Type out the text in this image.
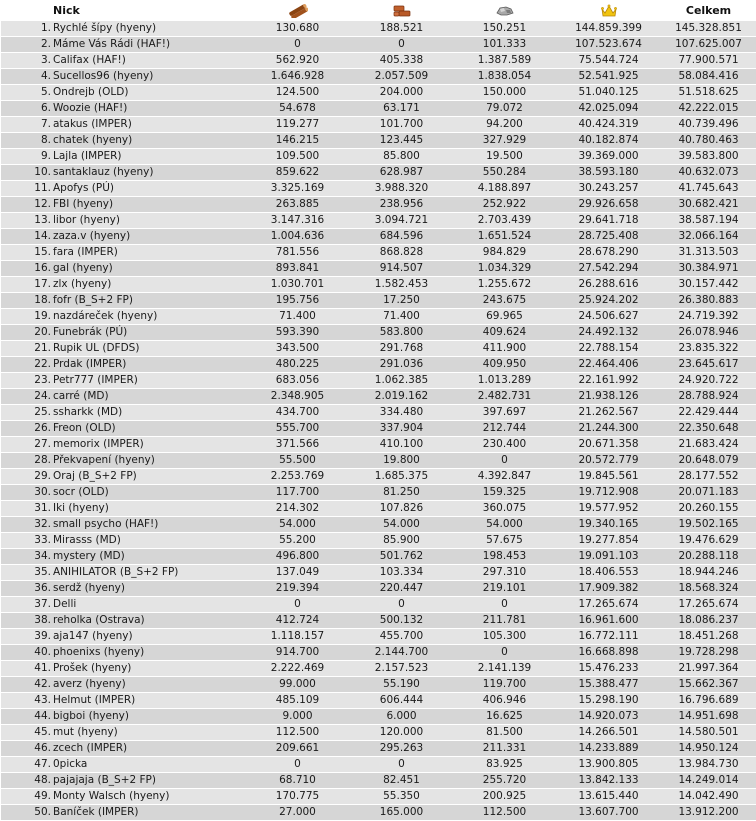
Nick						Celkem
1.	Rychlé šípy (hyeny)	130.680	188.521	150.251	144.859.399	145.328.851
2.	Máme Vás Rádi (HAF!)	0	0	101.333	107.523.674	107.625.007
3.	Califax (HAF!)	562.920	405.338	1.387.589	75.544.724	77.900.571
4.	Sucellos96 (hyeny)	1.646.928	2.057.509	1.838.054	52.541.925	58.084.416
5.	Ondrejb (OLD)	124.500	204.000	150.000	51.040.125	51.518.625
6.	Woozie (HAF!)	54.678	63.171	79.072	42.025.094	42.222.015
7.	atakus (IMPER)	119.277	101.700	94.200	40.424.319	40.739.496
8.	chatek (hyeny)	146.215	123.445	327.929	40.182.874	40.780.463
9.	Lajla (IMPER)	109.500	85.800	19.500	39.369.000	39.583.800
10.	santaklauz (hyeny)	859.622	628.987	550.284	38.593.180	40.632.073
11.	Apofys (PÚ)	3.325.169	3.988.320	4.188.897	30.243.257	41.745.643
12.	FBI (hyeny)	263.885	238.956	252.922	29.926.658	30.682.421
13.	libor (hyeny)	3.147.316	3.094.721	2.703.439	29.641.718	38.587.194
14.	zaza.v (hyeny)	1.004.636	684.596	1.651.524	28.725.408	32.066.164
15.	fara (IMPER)	781.556	868.828	984.829	28.678.290	31.313.503
16.	gal (hyeny)	893.841	914.507	1.034.329	27.542.294	30.384.971
17.	zlx (hyeny)	1.030.701	1.582.453	1.255.672	26.288.616	30.157.442
18.	fofr (B_S+2 FP)	195.756	17.250	243.675	25.924.202	26.380.883
19.	nazdáreček (hyeny)	71.400	71.400	69.965	24.506.627	24.719.392
20.	Funebrák (PÚ)	593.390	583.800	409.624	24.492.132	26.078.946
21.	Rupik UL (DFDS)	343.500	291.768	411.900	22.788.154	23.835.322
22.	Prdak (IMPER)	480.225	291.036	409.950	22.464.406	23.645.617
23.	Petr777 (IMPER)	683.056	1.062.385	1.013.289	22.161.992	24.920.722
24.	carré (MD)	2.348.905	2.019.162	2.482.731	21.938.126	28.788.924
25.	ssharkk (MD)	434.700	334.480	397.697	21.262.567	22.429.444
26.	Freon (OLD)	555.700	337.904	212.744	21.244.300	22.350.648
27.	memorix (IMPER)	371.566	410.100	230.400	20.671.358	21.683.424
28.	Překvapení (hyeny)	55.500	19.800	0	20.572.779	20.648.079
29.	Oraj (B_S+2 FP)	2.253.769	1.685.375	4.392.847	19.845.561	28.177.552
30.	socr (OLD)	117.700	81.250	159.325	19.712.908	20.071.183
31.	Iki (hyeny)	214.302	107.826	360.075	19.577.952	20.260.155
32.	small psycho (HAF!)	54.000	54.000	54.000	19.340.165	19.502.165
33.	Mirasss (MD)	55.200	85.900	57.675	19.277.854	19.476.629
34.	mystery (MD)	496.800	501.762	198.453	19.091.103	20.288.118
35.	ANIHILATOR (B_S+2 FP)	137.049	103.334	297.310	18.406.553	18.944.246
36.	serdž (hyeny)	219.394	220.447	219.101	17.909.382	18.568.324
37.	Delli	0	0	0	17.265.674	17.265.674
38.	reholka (Ostrava)	412.724	500.132	211.781	16.961.600	18.086.237
39.	aja147 (hyeny)	1.118.157	455.700	105.300	16.772.111	18.451.268
40.	phoenixs (hyeny)	914.700	2.144.700	0	16.668.898	19.728.298
41.	Prošek (hyeny)	2.222.469	2.157.523	2.141.139	15.476.233	21.997.364
42.	averz (hyeny)	99.000	55.190	119.700	15.388.477	15.662.367
43.	Helmut (IMPER)	485.109	606.444	406.946	15.298.190	16.796.689
44.	bigboi (hyeny)	9.000	6.000	16.625	14.920.073	14.951.698
45.	mut (hyeny)	112.500	120.000	81.500	14.266.501	14.580.501
46.	zcech (IMPER)	209.661	295.263	211.331	14.233.889	14.950.124
47.	0picka	0	0	83.925	13.900.805	13.984.730
48.	pajajaja (B_S+2 FP)	68.710	82.451	255.720	13.842.133	14.249.014
49.	Monty Walsch (hyeny)	170.775	55.350	200.925	13.615.440	14.042.490
50.	Baníček (IMPER)	27.000	165.000	112.500	13.607.700	13.912.200
